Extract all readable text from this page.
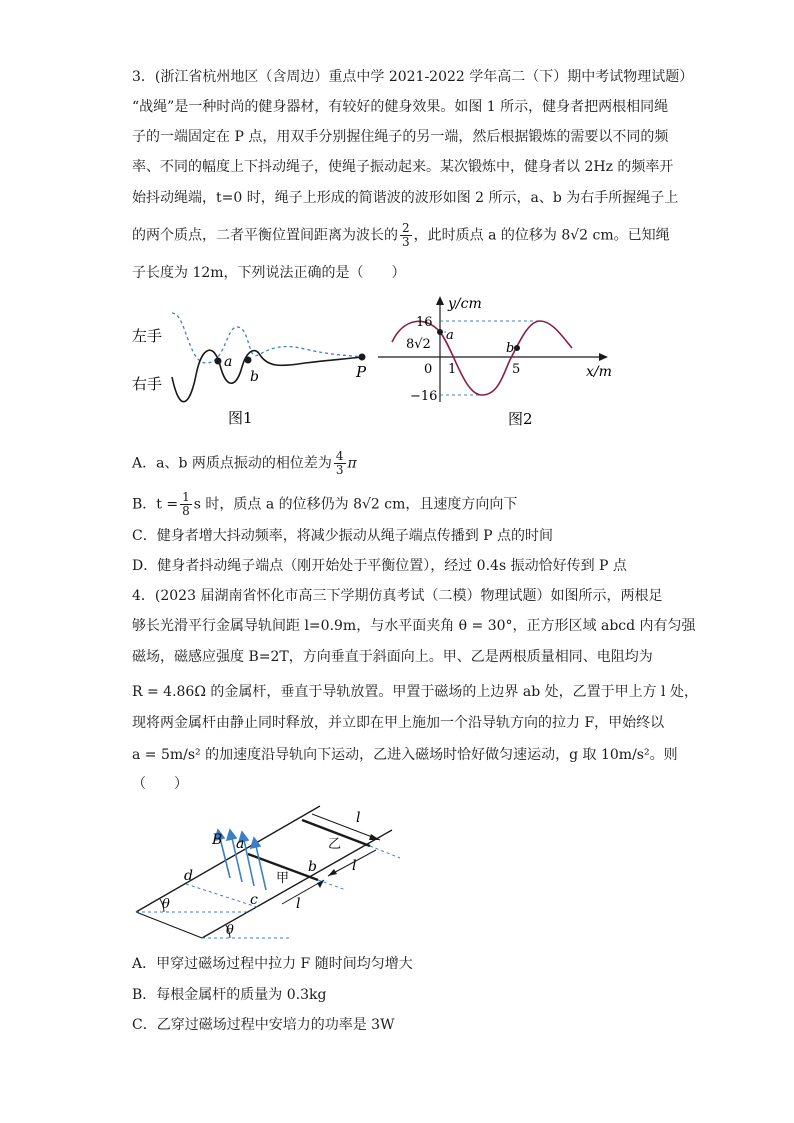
3．(浙江省杭州地区（含周边）重点中学 2021-2022 学年高二（下）期中考试物理试题）
“战绳”是一种时尚的健身器材，有较好的健身效果。如图 1 所示，健身者把两根相同绳
子的一端固定在 P 点，用双手分别握住绳子的另一端，然后根据锻炼的需要以不同的频
率、不同的幅度上下抖动绳子，使绳子振动起来。某次锻炼中，健身者以 2Hz 的频率开
始抖动绳端，t=0 时，绳子上形成的简谐波的波形如图 2 所示，a、b 为右手所握绳子上
的两个质点，二者平衡位置间距离为波长的 $\frac{2}{3}$ ，此时质点 a 的位移为 8√2 cm。已知绳
子长度为 12m，下列说法正确的是（　　）
左手
右手
a
b	P
图1
y/cm
x/m
16
8√2
−16
0 1	5
a
b
图2
A．a、b 两质点振动的相位差为 $\frac{4}{3}$ π
B．$t = \frac{1}{8}$ s 时，质点 a 的位移仍为 8√2 cm，且速度方向向下
C．健身者增大抖动频率，将减少振动从绳子端点传播到 P 点的时间
D．健身者抖动绳子端点（刚开始处于平衡位置），经过 0.4s 振动恰好传到 P 点
4．(2023 届湖南省怀化市高三下学期仿真考试（二模）物理试题）如图所示，两根足
够长光滑平行金属导轨间距 l=0.9m，与水平面夹角 θ = 30°，正方形区域 abcd 内有匀强
磁场，磁感应强度 B=2T，方向垂直于斜面向上。甲、乙是两根质量相同、电阻均为
R = 4.86Ω 的金属杆，垂直于导轨放置。甲置于磁场的上边界 ab 处，乙置于甲上方 l 处，
现将两金属杆由静止同时释放，并立即在甲上施加一个沿导轨方向的拉力 F，甲始终以
a = 5m/s² 的加速度沿导轨向下运动，乙进入磁场时恰好做匀速运动，g 取 10m/s²。则
（　　）
B a
b
c
d	甲
乙
l
l
l
θ
θ
A．甲穿过磁场过程中拉力 F 随时间均匀增大
B．每根金属杆的质量为 0.3kg
C．乙穿过磁场过程中安培力的功率是 3W
